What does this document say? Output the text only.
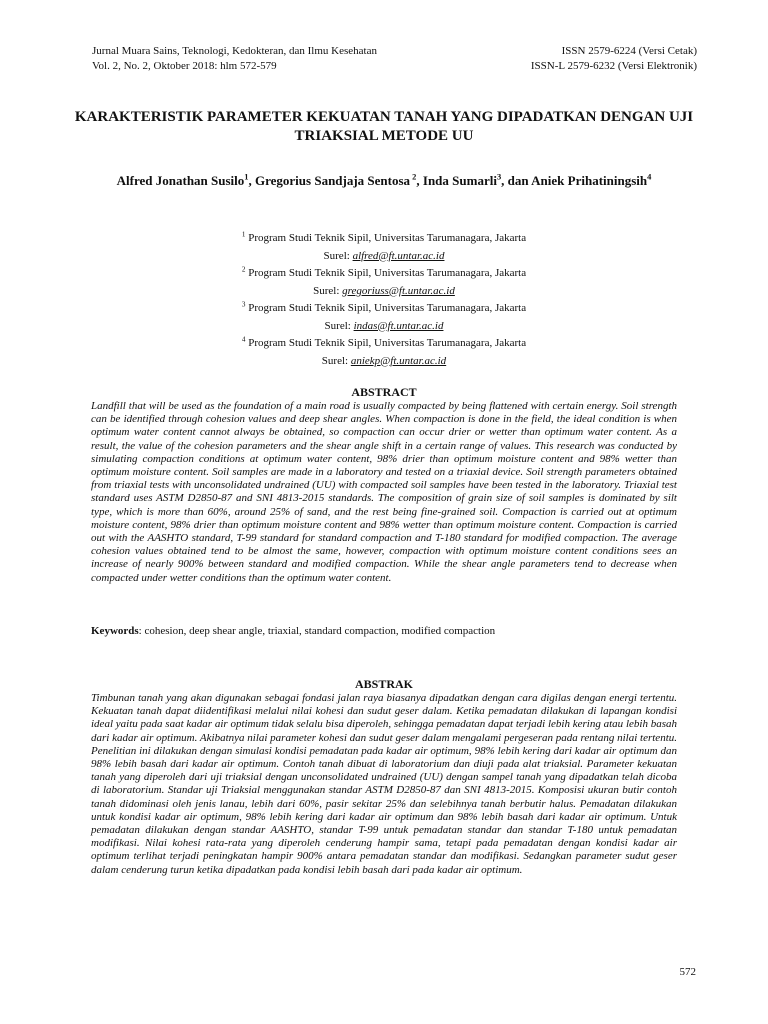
Jurnal Muara Sains, Teknologi, Kedokteran, dan Ilmu Kesehatan	ISSN 2579-6224 (Versi Cetak)
Vol. 2, No. 2, Oktober 2018: hlm 572-579	ISSN-L 2579-6232 (Versi Elektronik)
KARAKTERISTIK PARAMETER KEKUATAN TANAH YANG DIPADATKAN DENGAN UJI TRIAKSIAL METODE UU
Alfred Jonathan Susilo$^1$, Gregorius Sandjaja Sentosa $^2$, Inda Sumarli$^3$, dan Aniek Prihatiningsih$^4$
$^1$ Program Studi Teknik Sipil, Universitas Tarumanagara, Jakarta
Surel: alfred@ft.untar.ac.id
$^2$ Program Studi Teknik Sipil, Universitas Tarumanagara, Jakarta
Surel: gregoriuss@ft.untar.ac.id
$^3$ Program Studi Teknik Sipil, Universitas Tarumanagara, Jakarta
Surel: indas@ft.untar.ac.id
$^4$ Program Studi Teknik Sipil, Universitas Tarumanagara, Jakarta
Surel: aniekp@ft.untar.ac.id
ABSTRACT
Landfill that will be used as the foundation of a main road is usually compacted by being flattened with certain energy. Soil strength can be identified through cohesion values and deep shear angles. When compaction is done in the field, the ideal condition is when optimum water content cannot always be obtained, so compaction can occur drier or wetter than optimum water content. As a result, the value of the cohesion parameters and the shear angle shift in a certain range of values. This research was conducted by simulating compaction conditions at optimum water content, 98% drier than optimum moisture content and 98% wetter than optimum moisture content. Soil samples are made in a laboratory and tested on a triaxial device. Soil strength parameters obtained from triaxial tests with unconsolidated undrained (UU) with compacted soil samples have been tested in the laboratory. Triaxial test standard uses ASTM D2850-87 and SNI 4813-2015 standards. The composition of grain size of soil samples is dominated by silt type, which is more than 60%, around 25% of sand, and the rest being fine-grained soil. Compaction is carried out at optimum moisture content, 98% drier than optimum moisture content and 98% wetter than optimum moisture content. Compaction is carried out with the AASHTO standard, T-99 standard for standard compaction and T-180 standard for modified compaction. The average cohesion values obtained tend to be almost the same, however, compaction with optimum moisture content conditions sees an increase of nearly 900% between standard and modified compaction. While the shear angle parameters tend to decrease when compacted under wetter conditions than the optimum water content.
Keywords: cohesion, deep shear angle, triaxial, standard compaction, modified compaction
ABSTRAK
Timbunan tanah yang akan digunakan sebagai fondasi jalan raya biasanya dipadatkan dengan cara digilas dengan energi tertentu. Kekuatan tanah dapat diidentifikasi melalui nilai kohesi dan sudut geser dalam. Ketika pemadatan dilakukan di lapangan kondisi ideal yaitu pada saat kadar air optimum tidak selalu bisa diperoleh, sehingga pemadatan dapat terjadi lebih kering atau lebih basah dari kadar air optimum. Akibatnya nilai parameter kohesi dan sudut geser dalam mengalami pergeseran pada rentang nilai tertentu. Penelitian ini dilakukan dengan simulasi kondisi pemadatan pada kadar air optimum, 98% lebih kering dari kadar air optimum dan 98% lebih basah dari kadar air optimum. Contoh tanah dibuat di laboratorium dan diuji pada alat triaksial. Parameter kekuatan tanah yang diperoleh dari uji triaksial dengan unconsolidated undrained (UU) dengan sampel tanah yang dipadatkan telah dicoba di laboratorium. Standar uji Triaksial menggunakan standar ASTM D2850-87 dan SNI 4813-2015. Komposisi ukuran butir contoh tanah didominasi oleh jenis lanau, lebih dari 60%, pasir sekitar 25% dan selebihnya tanah berbutir halus. Pemadatan dilakukan untuk kondisi kadar air optimum, 98% lebih kering dari kadar air optimum dan 98% lebih basah dari kadar air optimum. Untuk pemadatan dilakukan dengan standar AASHTO, standar T-99 untuk pemadatan standar dan standar T-180 untuk pemadatan modifikasi. Nilai kohesi rata-rata yang diperoleh cenderung hampir sama, tetapi pada pemadatan dengan kondisi kadar air optimum terlihat terjadi peningkatan hampir 900% antara pemadatan standar dan modifikasi. Sedangkan parameter sudut geser dalam cenderung turun ketika dipadatkan pada kondisi lebih basah dari pada kadar air optimum.
572
